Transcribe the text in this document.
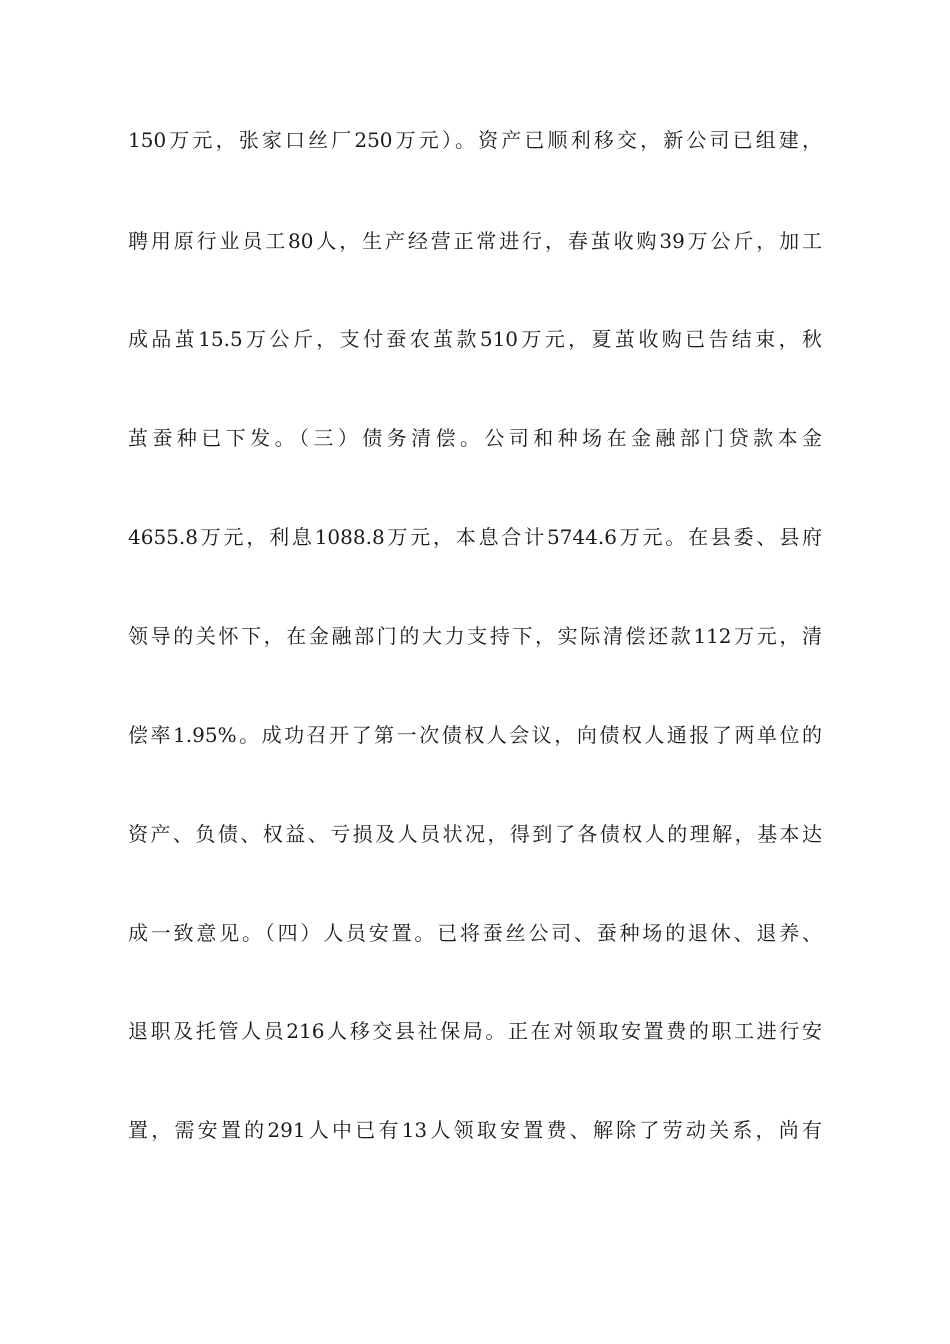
150万元，张家口丝厂250万元）。资产已顺利移交，新公司已组建，
聘用原行业员工80人，生产经营正常进行，春茧收购39万公斤，加工
成品茧15.5万公斤，支付蚕农茧款510万元，夏茧收购已告结束，秋
茧蚕种已下发。（三）债务清偿。公司和种场在金融部门贷款本金
4655.8万元，利息1088.8万元，本息合计5744.6万元。在县委、县府
领导的关怀下，在金融部门的大力支持下，实际清偿还款112万元，清
偿率1.95%。成功召开了第一次债权人会议，向债权人通报了两单位的
资产、负债、权益、亏损及人员状况，得到了各债权人的理解，基本达
成一致意见。（四）人员安置。已将蚕丝公司、蚕种场的退休、退养、
退职及托管人员216人移交县社保局。正在对领取安置费的职工进行安
置，需安置的291人中已有13人领取安置费、解除了劳动关系，尚有
